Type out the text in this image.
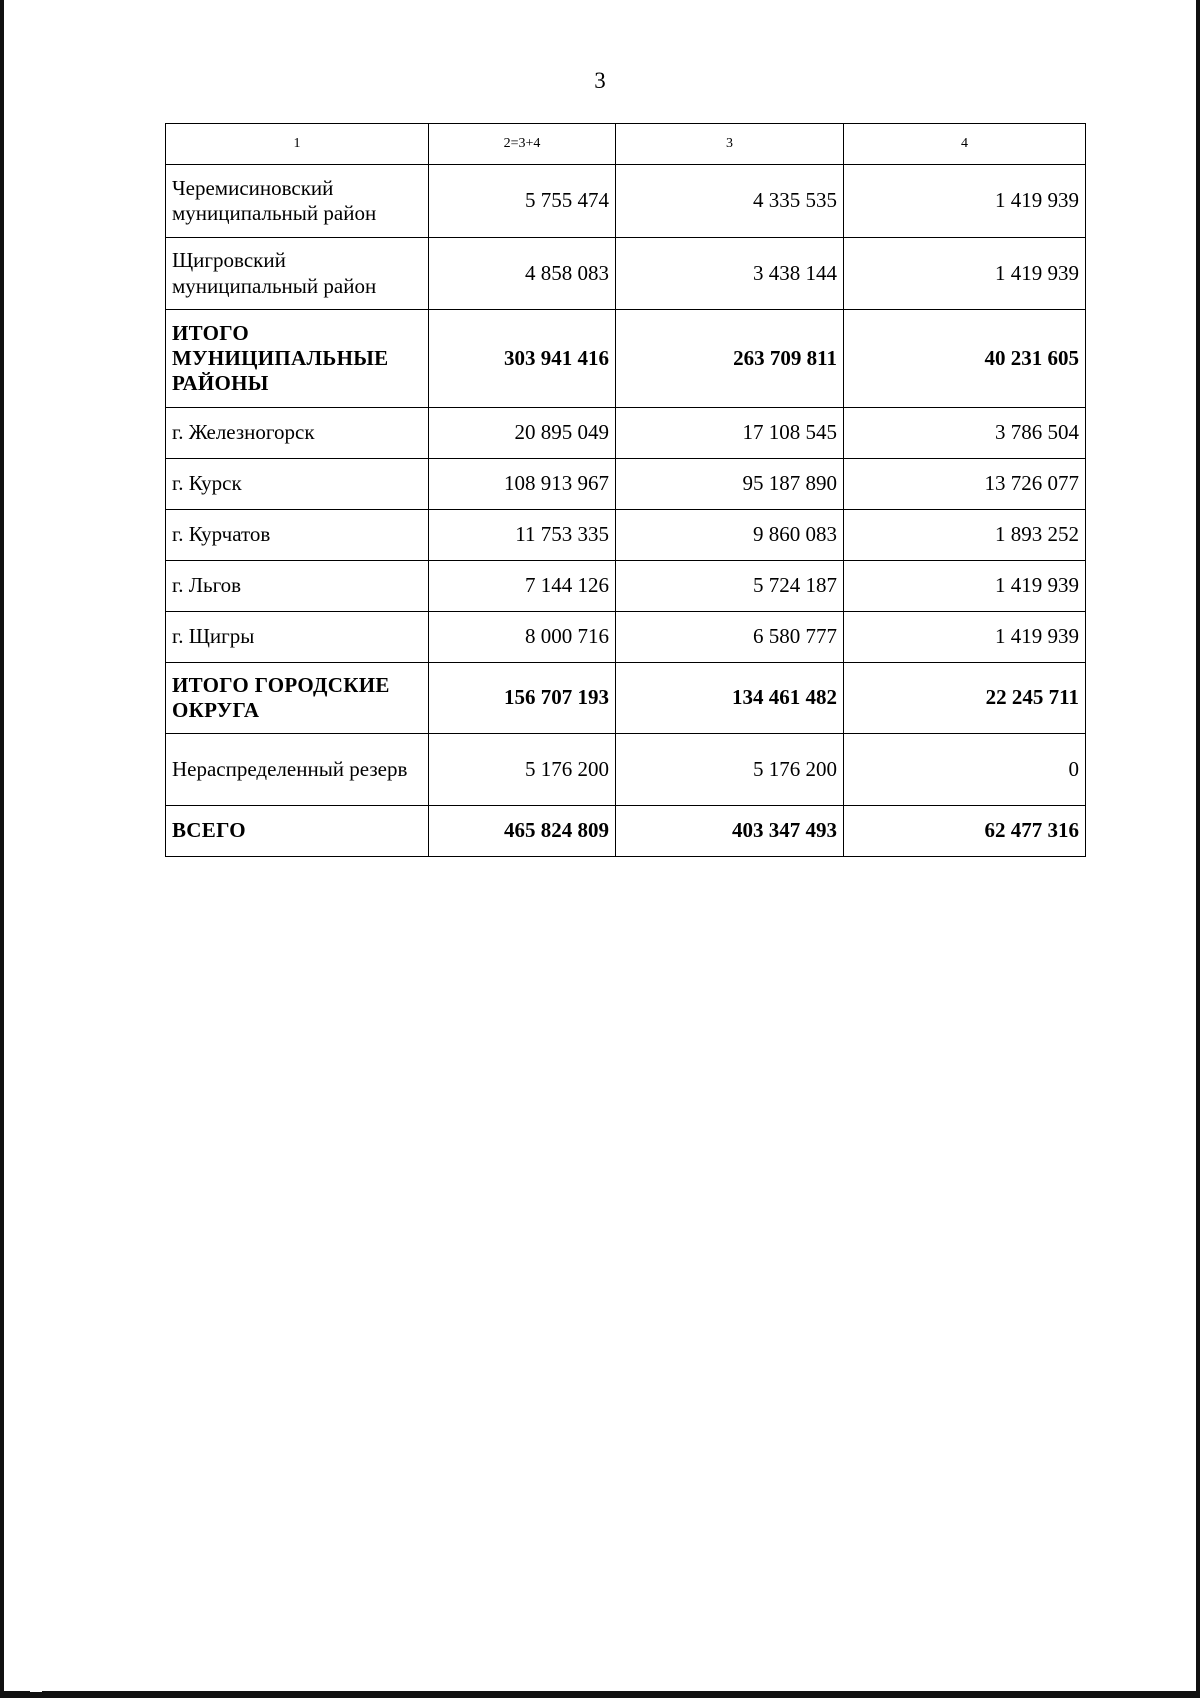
3
1	2=3+4	3	4
Черемисиновский муниципальный район	5 755 474	4 335 535	1 419 939
Щигровский муниципальный район	4 858 083	3 438 144	1 419 939
ИТОГО МУНИЦИПАЛЬНЫЕ РАЙОНЫ	303 941 416	263 709 811	40 231 605
г. Железногорск	20 895 049	17 108 545	3 786 504
г. Курск	108 913 967	95 187 890	13 726 077
г. Курчатов	11 753 335	9 860 083	1 893 252
г. Льгов	7 144 126	5 724 187	1 419 939
г. Щигры	8 000 716	6 580 777	1 419 939
ИТОГО ГОРОДСКИЕ ОКРУГА	156 707 193	134 461 482	22 245 711
Нераспределенный резерв	5 176 200	5 176 200	0
ВСЕГО	465 824 809	403 347 493	62 477 316
